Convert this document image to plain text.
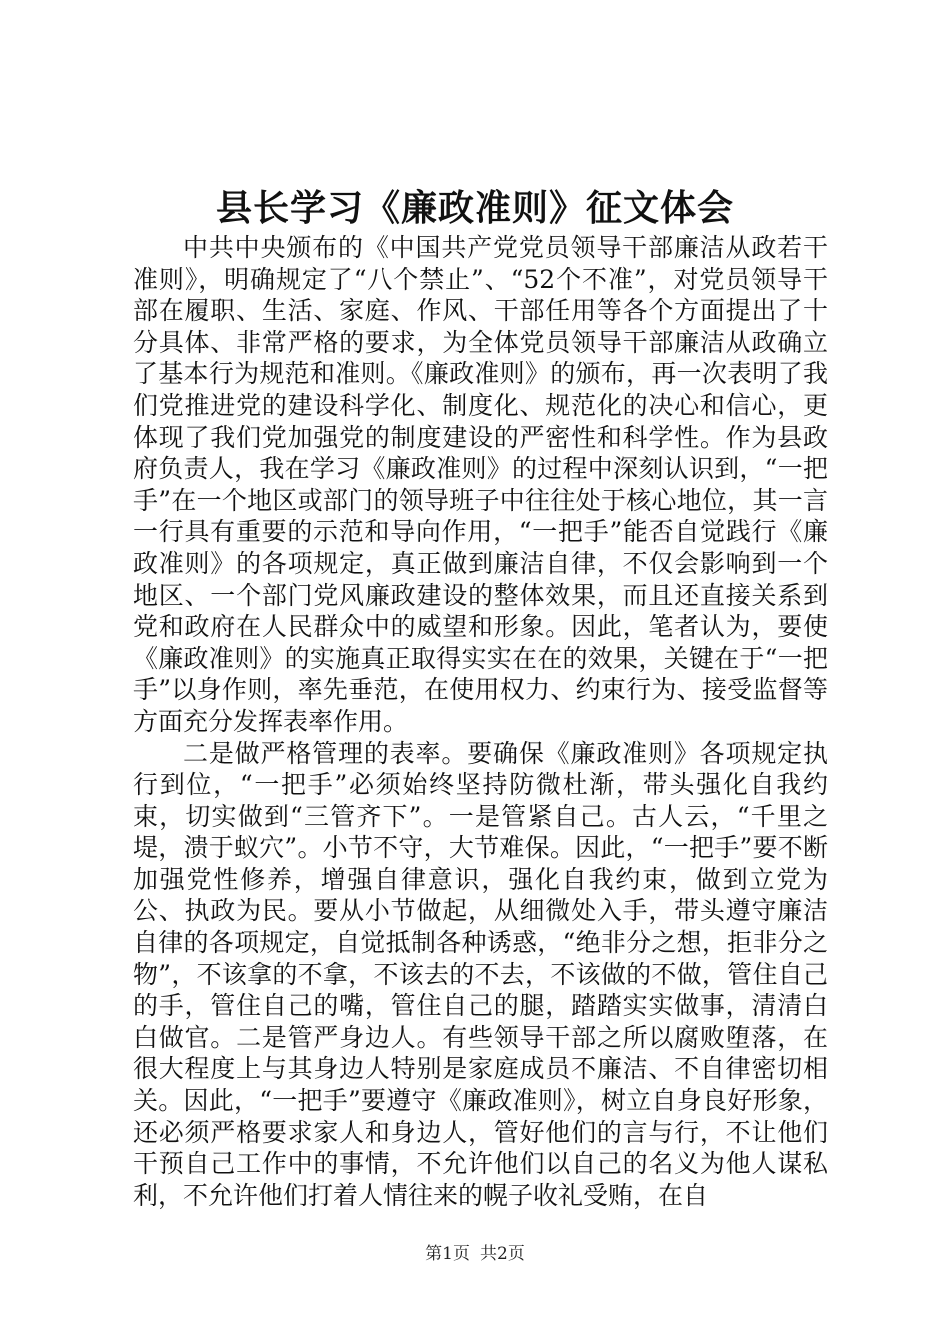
县长学习《廉政准则》征文体会

中共中央颁布的《中国共产党党员领导干部廉洁从政若干准则》，明确规定了“八个禁止”、“52个不准”，对党员领导干部在履职、生活、家庭、作风、干部任用等各个方面提出了十分具体、非常严格的要求，为全体党员领导干部廉洁从政确立了基本行为规范和准则。《廉政准则》的颁布，再一次表明了我们党推进党的建设科学化、制度化、规范化的决心和信心，更体现了我们党加强党的制度建设的严密性和科学性。作为县政府负责人，我在学习《廉政准则》的过程中深刻认识到，“一把手”在一个地区或部门的领导班子中往往处于核心地位，其一言一行具有重要的示范和导向作用，“一把手”能否自觉践行《廉政准则》的各项规定，真正做到廉洁自律，不仅会影响到一个地区、一个部门党风廉政建设的整体效果，而且还直接关系到党和政府在人民群众中的威望和形象。因此，笔者认为，要使《廉政准则》的实施真正取得实实在在的效果，关键在于“一把手”以身作则，率先垂范，在使用权力、约束行为、接受监督等方面充分发挥表率作用。

二是做严格管理的表率。要确保《廉政准则》各项规定执行到位，“一把手”必须始终坚持防微杜渐，带头强化自我约束，切实做到“三管齐下”。一是管紧自己。古人云，“千里之堤，溃于蚁穴”。小节不守，大节难保。因此，“一把手”要不断加强党性修养，增强自律意识，强化自我约束，做到立党为公、执政为民。要从小节做起，从细微处入手，带头遵守廉洁自律的各项规定，自觉抵制各种诱惑，“绝非分之想，拒非分之物”，不该拿的不拿，不该去的不去，不该做的不做，管住自己的手，管住自己的嘴，管住自己的腿，踏踏实实做事，清清白白做官。二是管严身边人。有些领导干部之所以腐败堕落，在很大程度上与其身边人特别是家庭成员不廉洁、不自律密切相关。因此，“一把手”要遵守《廉政准则》，树立自身良好形象，还必须严格要求家人和身边人，管好他们的言与行，不让他们干预自己工作中的事情，不允许他们以自己的名义为他人谋私利，不允许他们打着人情往来的幌子收礼受贿，在自

第1页 共2页
